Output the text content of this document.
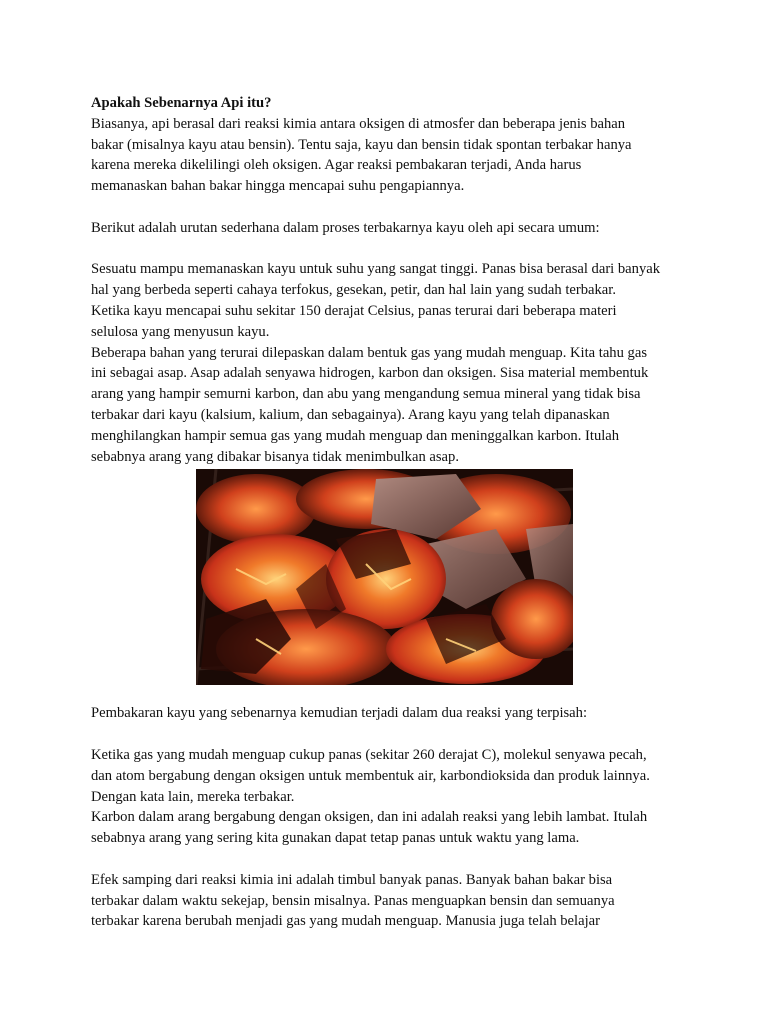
Apakah Sebenarnya Api itu?

Biasanya, api berasal dari reaksi kimia antara oksigen di atmosfer dan beberapa jenis bahan
bakar (misalnya kayu atau bensin). Tentu saja, kayu dan bensin tidak spontan terbakar hanya
karena mereka dikelilingi oleh oksigen. Agar reaksi pembakaran terjadi, Anda harus
memanaskan bahan bakar hingga mencapai suhu pengapiannya.
Berikut adalah urutan sederhana dalam proses terbakarnya kayu oleh api secara umum:
Sesuatu mampu memanaskan kayu untuk suhu yang sangat tinggi. Panas bisa berasal dari banyak
hal yang berbeda seperti cahaya terfokus, gesekan, petir, dan hal lain yang sudah terbakar.
Ketika kayu mencapai suhu sekitar 150 derajat Celsius, panas terurai dari beberapa materi
selulosa yang menyusun kayu.
Beberapa bahan yang terurai dilepaskan dalam bentuk gas yang mudah menguap. Kita tahu gas
ini sebagai asap. Asap adalah senyawa hidrogen, karbon dan oksigen. Sisa material membentuk
arang yang hampir semurni karbon, dan abu yang mengandung semua mineral yang tidak bisa
terbakar dari kayu (kalsium, kalium, dan sebagainya). Arang kayu yang telah dipanaskan
menghilangkan hampir semua gas yang mudah menguap dan meninggalkan karbon. Itulah
sebabnya arang yang dibakar bisanya tidak menimbulkan asap.
Pembakaran kayu yang sebenarnya kemudian terjadi dalam dua reaksi yang terpisah:
Ketika gas yang mudah menguap cukup panas (sekitar 260 derajat C), molekul senyawa pecah,
dan atom bergabung dengan oksigen untuk membentuk air, karbondioksida dan produk lainnya.
Dengan kata lain, mereka terbakar.
Karbon dalam arang bergabung dengan oksigen, dan ini adalah reaksi yang lebih lambat. Itulah
sebabnya arang yang sering kita gunakan dapat tetap panas untuk waktu yang lama.
Efek samping dari reaksi kimia ini adalah timbul banyak panas. Banyak bahan bakar bisa
terbakar dalam waktu sekejap, bensin misalnya. Panas menguapkan bensin dan semuanya
terbakar karena berubah menjadi gas yang mudah menguap. Manusia juga telah belajar
